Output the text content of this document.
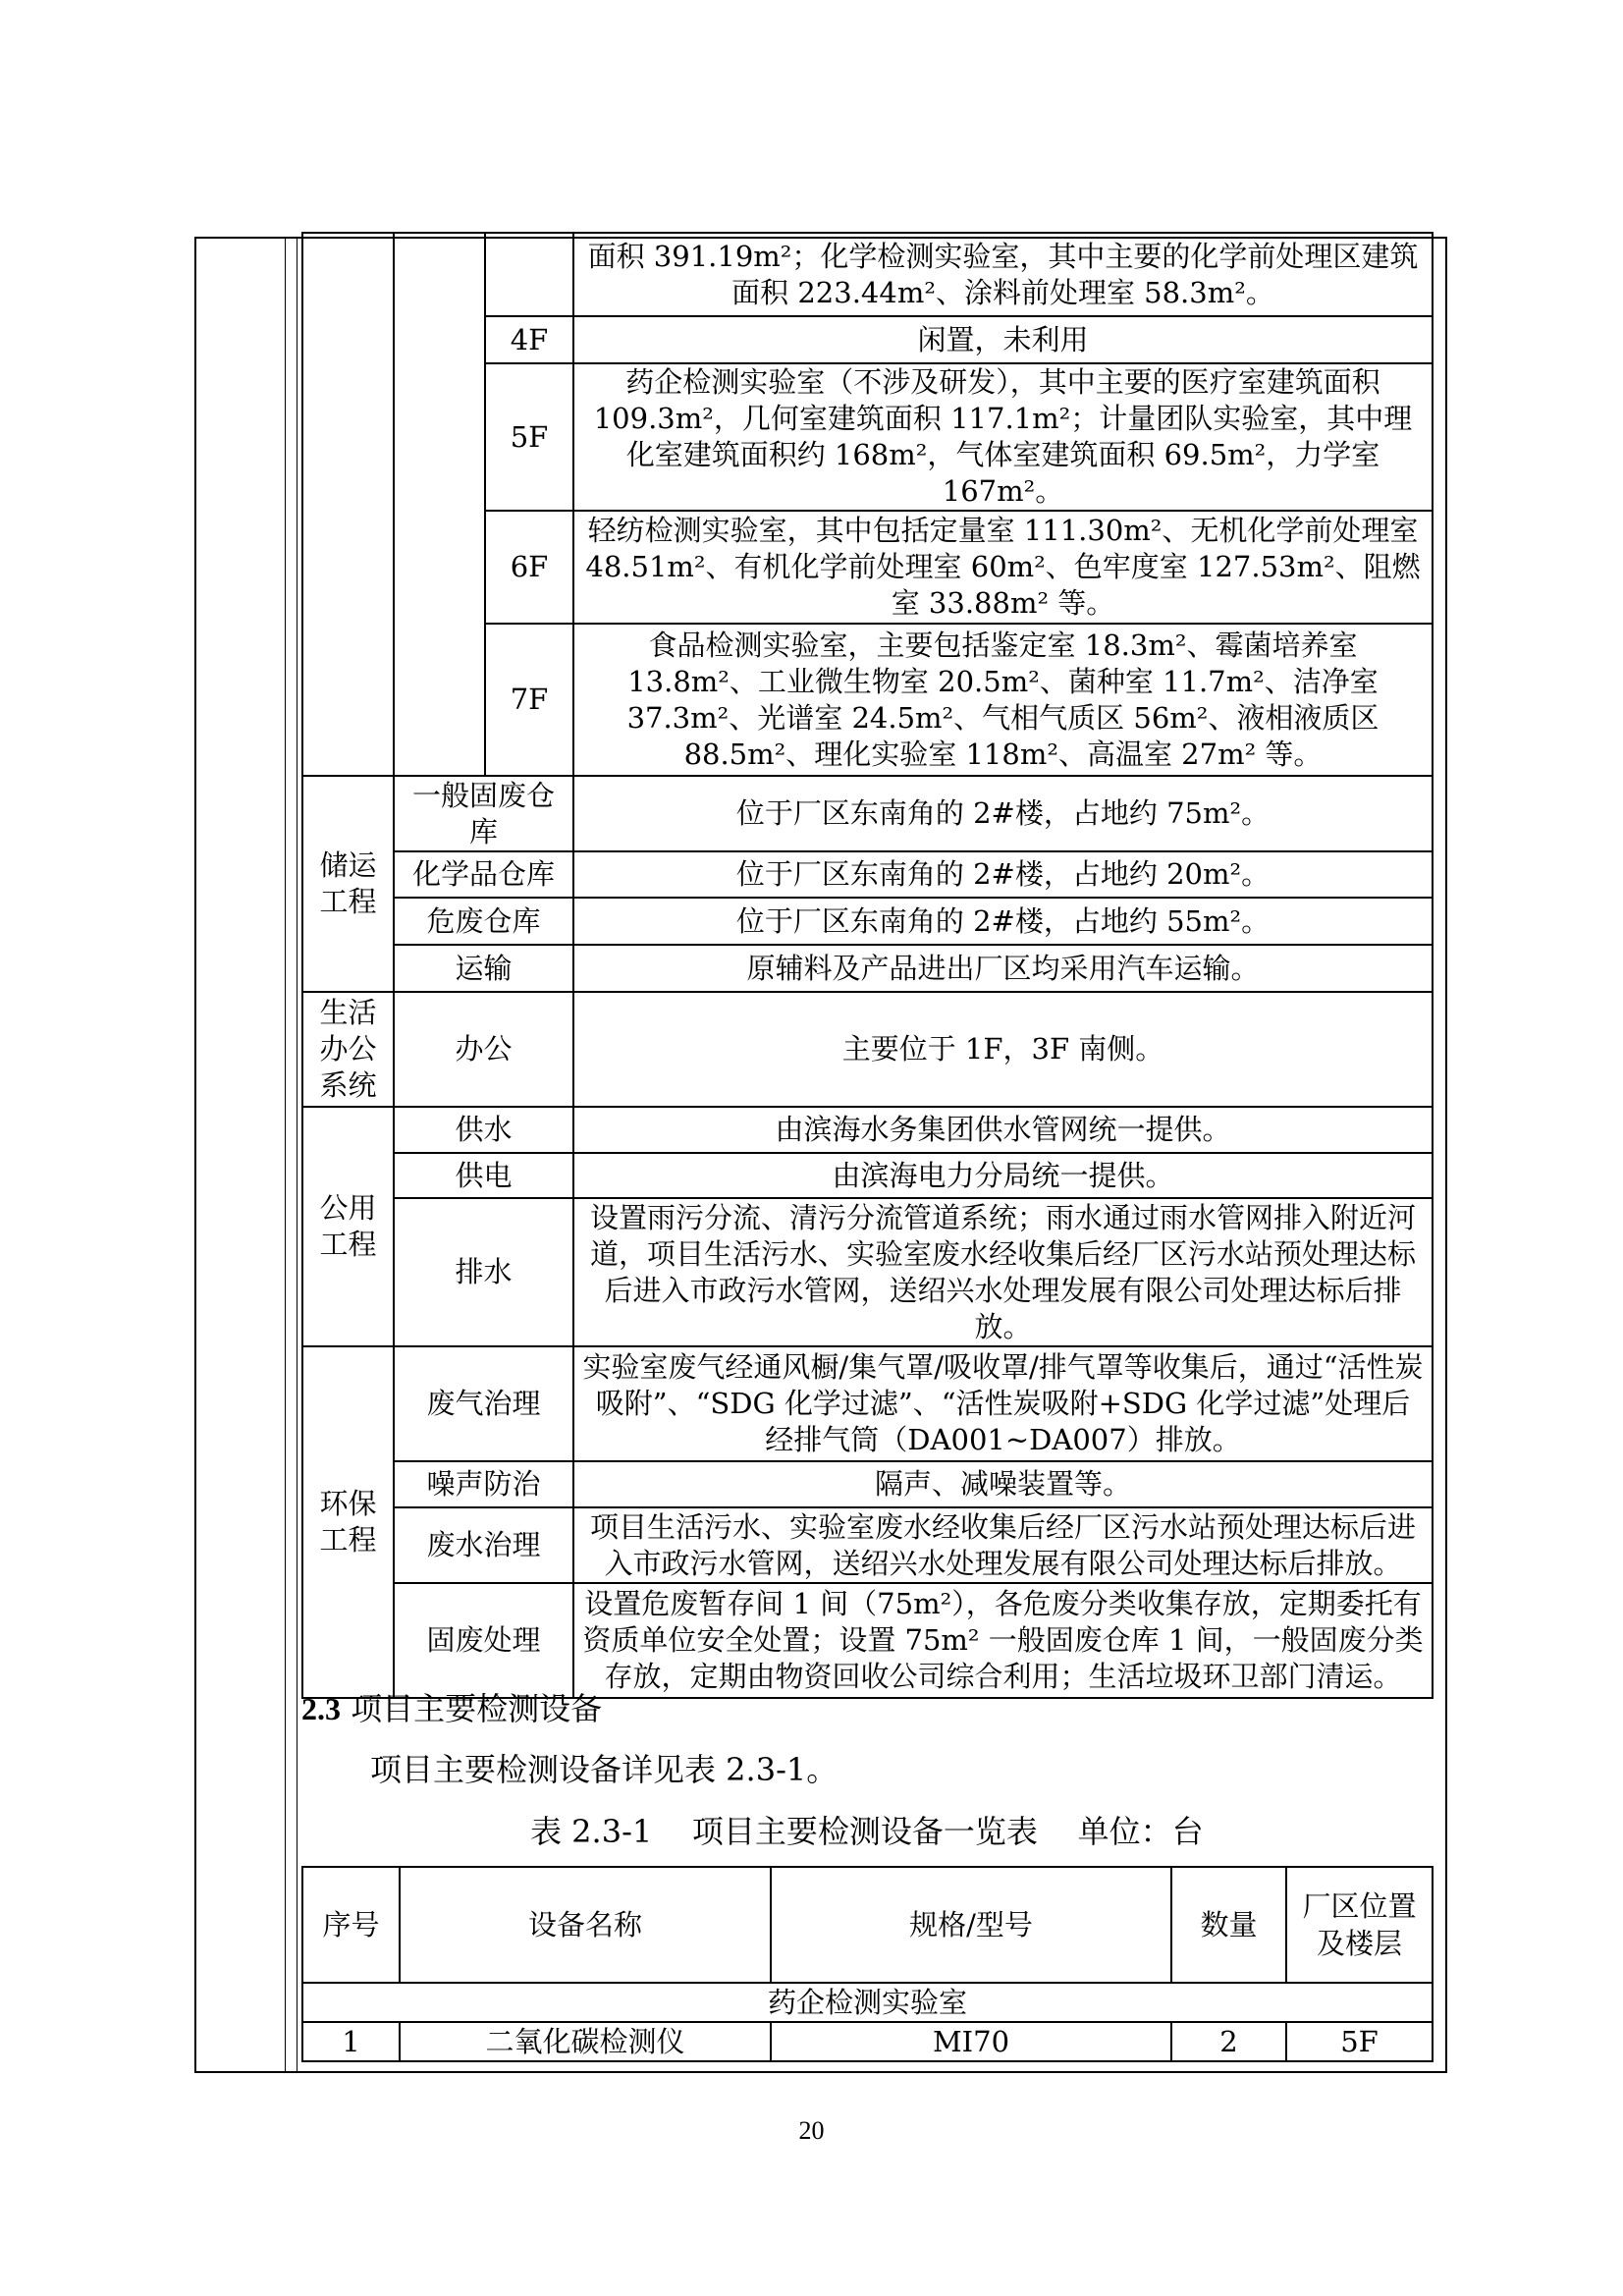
			面积 391.19m²；化学检测实验室，其中主要的化学前处理区建筑面积 223.44m²、涂料前处理室 58.3m²。
		4F	闲置，未利用
		5F	药企检测实验室（不涉及研发），其中主要的医疗室建筑面积 109.3m²，几何室建筑面积 117.1m²；计量团队实验室，其中理化室建筑面积约 168m²，气体室建筑面积 69.5m²，力学室 167m²。
		6F	轻纺检测实验室，其中包括定量室 111.30m²、无机化学前处理室 48.51m²、有机化学前处理室 60m²、色牢度室 127.53m²、阻燃室 33.88m² 等。
		7F	食品检测实验室，主要包括鉴定室 18.3m²、霉菌培养室 13.8m²、工业微生物室 20.5m²、菌种室 11.7m²、洁净室 37.3m²、光谱室 24.5m²、气相气质区 56m²、液相液质区 88.5m²、理化实验室 118m²、高温室 27m² 等。
储运工程	一般固废仓库		位于厂区东南角的 2#楼，占地约 75m²。
	化学品仓库		位于厂区东南角的 2#楼，占地约 20m²。
	危废仓库		位于厂区东南角的 2#楼，占地约 55m²。
	运输		原辅料及产品进出厂区均采用汽车运输。
生活办公系统	办公		主要位于 1F，3F 南侧。
公用工程	供水		由滨海水务集团供水管网统一提供。
	供电		由滨海电力分局统一提供。
	排水		设置雨污分流、清污分流管道系统；雨水通过雨水管网排入附近河道，项目生活污水、实验室废水经收集后经厂区污水站预处理达标后进入市政污水管网，送绍兴水处理发展有限公司处理达标后排放。
环保工程	废气治理		实验室废气经通风橱/集气罩/吸收罩/排气罩等收集后，通过“活性炭吸附”、“SDG 化学过滤”、“活性炭吸附+SDG 化学过滤”处理后经排气筒（DA001~DA007）排放。
	噪声防治		隔声、减噪装置等。
	废水治理		项目生活污水、实验室废水经收集后经厂区污水站预处理达标后进入市政污水管网，送绍兴水处理发展有限公司处理达标后排放。
	固废处理		设置危废暂存间 1 间（75m²），各危废分类收集存放，定期委托有资质单位安全处置；设置 75m² 一般固废仓库 1 间，一般固废分类存放，定期由物资回收公司综合利用；生活垃圾环卫部门清运。
2.3 项目主要检测设备
项目主要检测设备详见表 2.3-1。
表 2.3-1    项目主要检测设备一览表    单位：台
序号	设备名称	规格/型号	数量	厂区位置及楼层
药企检测实验室				
1	二氧化碳检测仪	MI70	2	5F
20
